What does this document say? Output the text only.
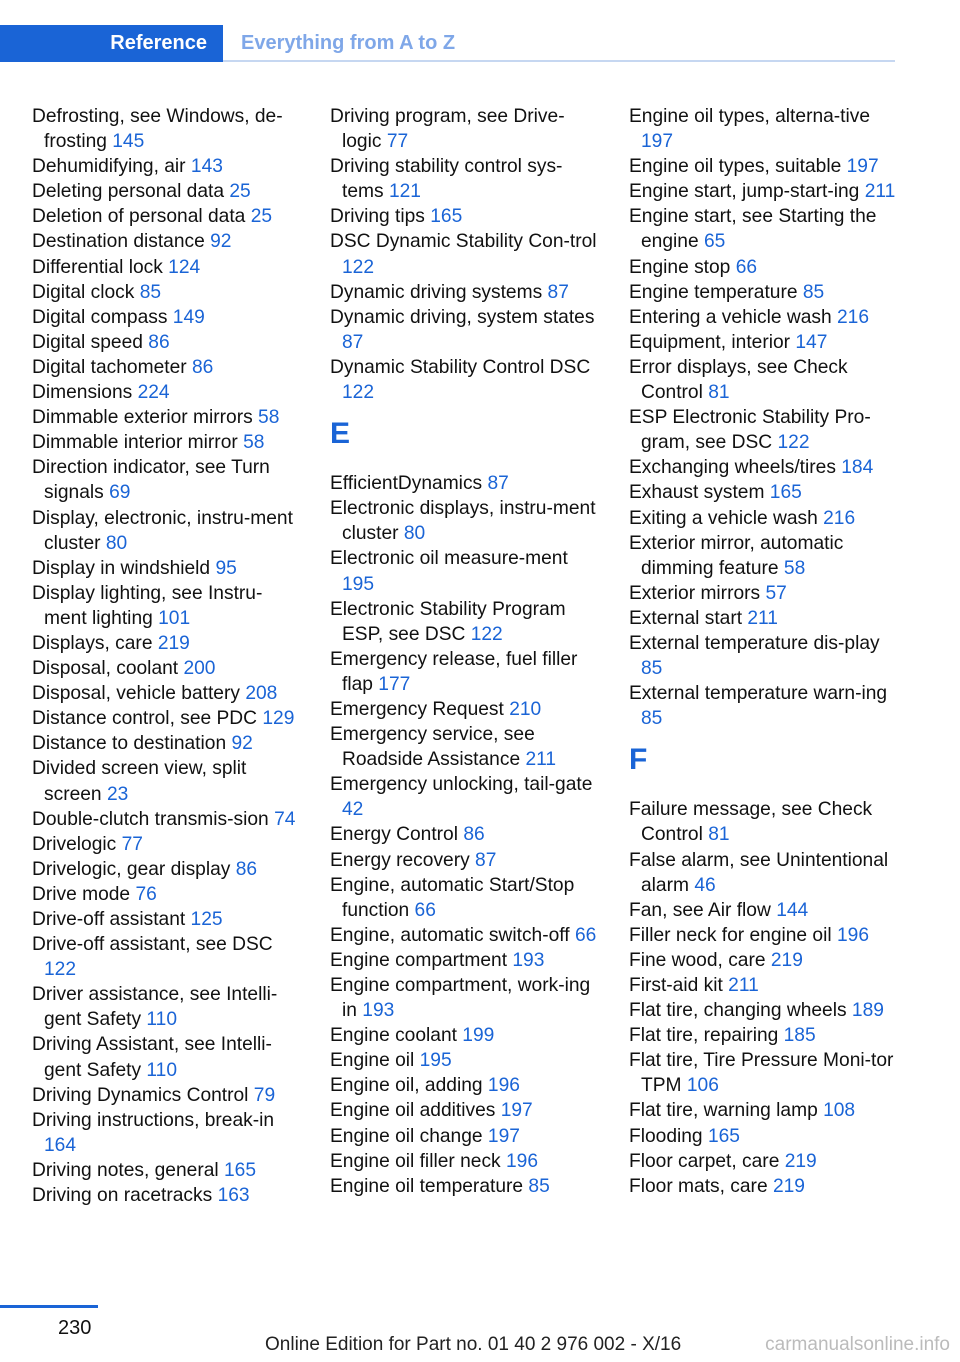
Reference	Everything from A to Z
Defrosting, see Windows, de-frosting 145
Dehumidifying, air 143
Deleting personal data 25
Deletion of personal data 25
Destination distance 92
Differential lock 124
Digital clock 85
Digital compass 149
Digital speed 86
Digital tachometer 86
Dimensions 224
Dimmable exterior mirrors 58
Dimmable interior mirror 58
Direction indicator, see Turn signals 69
Display, electronic, instru-ment cluster 80
Display in windshield 95
Display lighting, see Instru-ment lighting 101
Displays, care 219
Disposal, coolant 200
Disposal, vehicle battery 208
Distance control, see PDC 129
Distance to destination 92
Divided screen view, split screen 23
Double-clutch transmis-sion 74
Drivelogic 77
Drivelogic, gear display 86
Drive mode 76
Drive-off assistant 125
Drive-off assistant, see DSC 122
Driver assistance, see Intelli-gent Safety 110
Driving Assistant, see Intelli-gent Safety 110
Driving Dynamics Control 79
Driving instructions, break-in 164
Driving notes, general 165
Driving on racetracks 163
Driving program, see Drive-logic 77
Driving stability control sys-tems 121
Driving tips 165
DSC Dynamic Stability Con-trol 122
Dynamic driving systems 87
Dynamic driving, system states 87
Dynamic Stability Control DSC 122
E
EfficientDynamics 87
Electronic displays, instru-ment cluster 80
Electronic oil measure-ment 195
Electronic Stability Program ESP, see DSC 122
Emergency release, fuel filler flap 177
Emergency Request 210
Emergency service, see Roadside Assistance 211
Emergency unlocking, tail-gate 42
Energy Control 86
Energy recovery 87
Engine, automatic Start/Stop function 66
Engine, automatic switch-off 66
Engine compartment 193
Engine compartment, work-ing in 193
Engine coolant 199
Engine oil 195
Engine oil, adding 196
Engine oil additives 197
Engine oil change 197
Engine oil filler neck 196
Engine oil temperature 85
Engine oil types, alterna-tive 197
Engine oil types, suitable 197
Engine start, jump-start-ing 211
Engine start, see Starting the engine 65
Engine stop 66
Engine temperature 85
Entering a vehicle wash 216
Equipment, interior 147
Error displays, see Check Control 81
ESP Electronic Stability Pro-gram, see DSC 122
Exchanging wheels/tires 184
Exhaust system 165
Exiting a vehicle wash 216
Exterior mirror, automatic dimming feature 58
Exterior mirrors 57
External start 211
External temperature dis-play 85
External temperature warn-ing 85
F
Failure message, see Check Control 81
False alarm, see Unintentional alarm 46
Fan, see Air flow 144
Filler neck for engine oil 196
Fine wood, care 219
First-aid kit 211
Flat tire, changing wheels 189
Flat tire, repairing 185
Flat tire, Tire Pressure Moni-tor TPM 106
Flat tire, warning lamp 108
Flooding 165
Floor carpet, care 219
Floor mats, care 219
230
Online Edition for Part no. 01 40 2 976 002 - X/16	carmanualsonline.info
